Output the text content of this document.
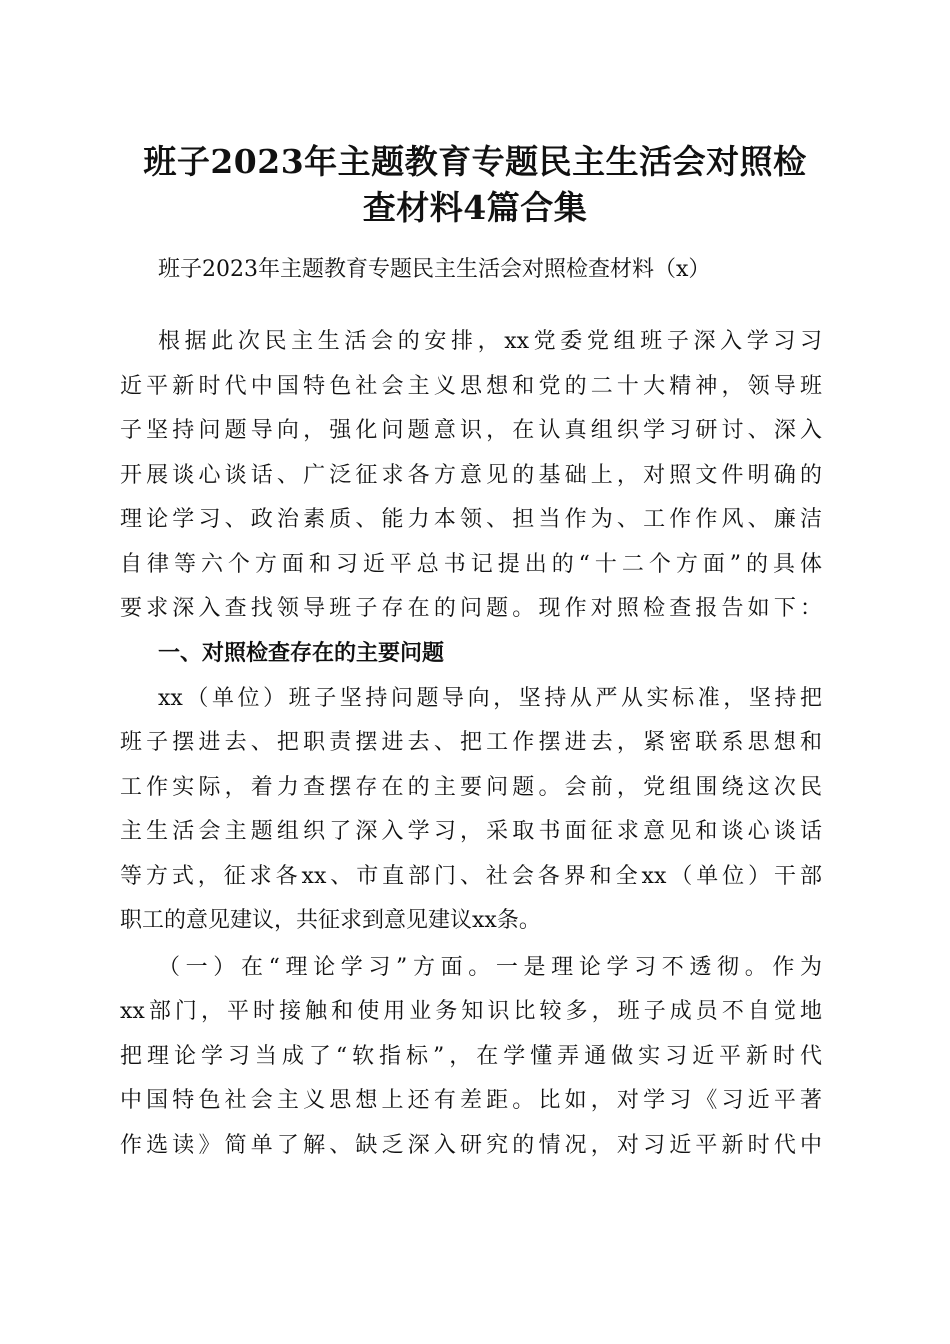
班子2023年主题教育专题民主生活会对照检
查材料4篇合集
班子2023年主题教育专题民主生活会对照检查材料（x）
根据此次民主生活会的安排，xx党委党组班子深入学习习
近平新时代中国特色社会主义思想和党的二十大精神，领导班
子坚持问题导向，强化问题意识，在认真组织学习研讨、深入
开展谈心谈话、广泛征求各方意见的基础上，对照文件明确的
理论学习、政治素质、能力本领、担当作为、工作作风、廉洁
自律等六个方面和习近平总书记提出的“十二个方面”的具体
要求深入查找领导班子存在的问题。现作对照检查报告如下：
一、对照检查存在的主要问题
xx（单位）班子坚持问题导向，坚持从严从实标准，坚持把
班子摆进去、把职责摆进去、把工作摆进去，紧密联系思想和
工作实际，着力查摆存在的主要问题。会前，党组围绕这次民
主生活会主题组织了深入学习，采取书面征求意见和谈心谈话
等方式，征求各xx、市直部门、社会各界和全xx（单位）干部
职工的意见建议，共征求到意见建议xx条。
（一）在“理论学习”方面。一是理论学习不透彻。作为
xx部门，平时接触和使用业务知识比较多，班子成员不自觉地
把理论学习当成了“软指标”，在学懂弄通做实习近平新时代
中国特色社会主义思想上还有差距。比如，对学习《习近平著
作选读》简单了解、缺乏深入研究的情况，对习近平新时代中
